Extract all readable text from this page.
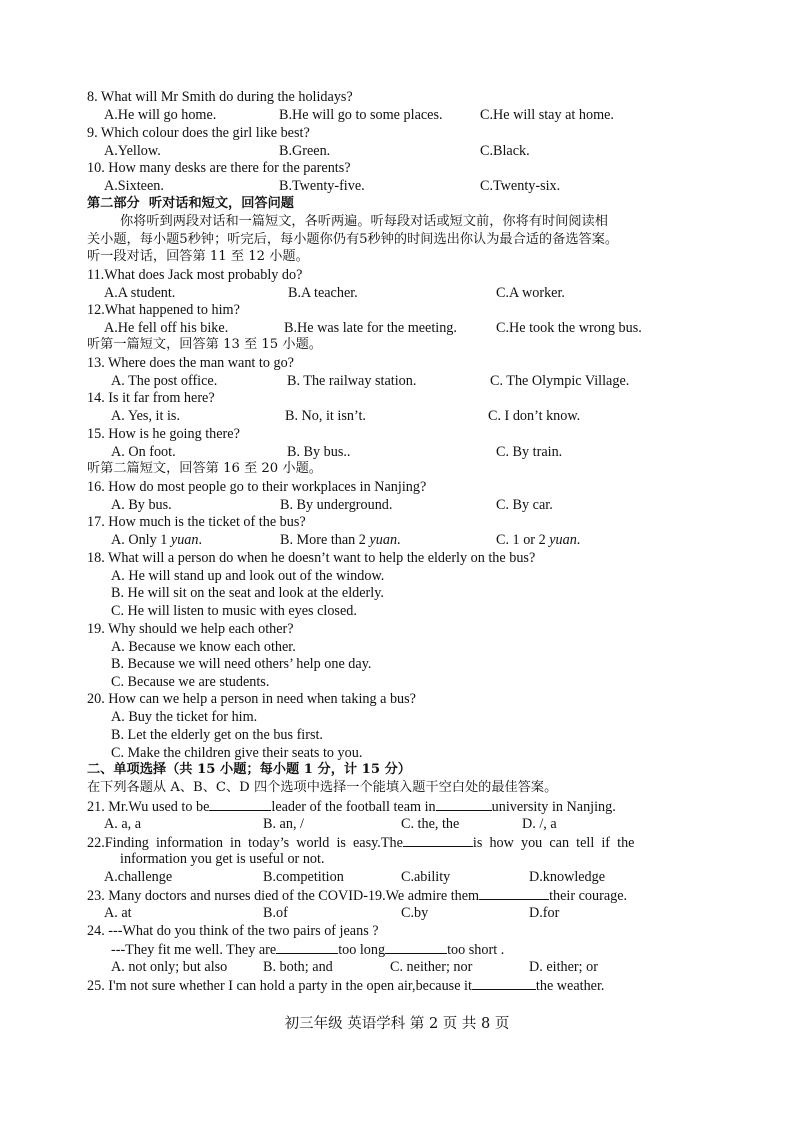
8. What will Mr Smith do during the holidays?
A.He will go home.	B.He will go to some places.	C.He will stay at home.
9. Which colour does the girl like best?
A.Yellow.	B.Green.	C.Black.
10. How many desks are there for the parents?
A.Sixteen.	B.Twenty-five.	C.Twenty-six.
第二部分  听对话和短文，回答问题
你将听到两段对话和一篇短文，各听两遍。听每段对话或短文前，你将有时间阅读相
关小题，每小题5秒钟；听完后，每小题你仍有5秒钟的时间选出你认为最合适的备选答案。
听一段对话，回答第 11 至 12 小题。
11.What does Jack most probably do?
A.A student.	B.A teacher.	C.A worker.
12.What happened to him?
A.He fell off his bike.	B.He was late for the meeting.	C.He took the wrong bus.
听第一篇短文，回答第 13 至 15 小题。
13. Where does the man want to go?
A. The post office.	B. The railway station.	C. The Olympic Village.
14. Is it far from here?
A. Yes, it is.	B. No, it isn’t.	C. I don’t know.
15. How is he going there?
A. On foot.	B. By bus..	C. By train.
听第二篇短文，回答第 16 至 20 小题。
16. How do most people go to their workplaces in Nanjing?
A. By bus.	B. By underground.	C. By car.
17. How much is the ticket of the bus?
A. Only 1 yuan.	B. More than 2 yuan.	C. 1 or 2 yuan.
18. What will a person do when he doesn’t want to help the elderly on the bus?
A. He will stand up and look out of the window.
B. He will sit on the seat and look at the elderly.
C. He will listen to music with eyes closed.
19. Why should we help each other?
A. Because we know each other.
B. Because we will need others’ help one day.
C. Because we are students.
20. How can we help a person in need when taking a bus?
A. Buy the ticket for him.
B. Let the elderly get on the bus first.
C. Make the children give their seats to you.
二、单项选择（共 15 小题；每小题 1 分，计 15 分）
在下列各题从 A、B、C、D 四个选项中选择一个能填入题干空白处的最佳答案。
21. Mr.Wu used to be	leader of the football team in	university in Nanjing.
A. a, a	B. an, /	C. the, the	D. /, a
22.Finding  information  in  today’s  world  is  easy.The	is  how  you  can  tell  if  the
information you get is useful or not.
A.challenge	B.competition	C.ability	D.knowledge
23. Many doctors and nurses died of the COVID-19.We admire them	their courage.
A. at	B.of	C.by	D.for
24. ---What do you think of the two pairs of jeans ?
---They fit me well. They are	too long	too short .
A. not only; but also	B. both; and	C. neither; nor	D. either; or
25. I'm not sure whether I can hold a party in the open air,because it	the weather.
初三年级 英语学科 第 2 页 共 8 页
